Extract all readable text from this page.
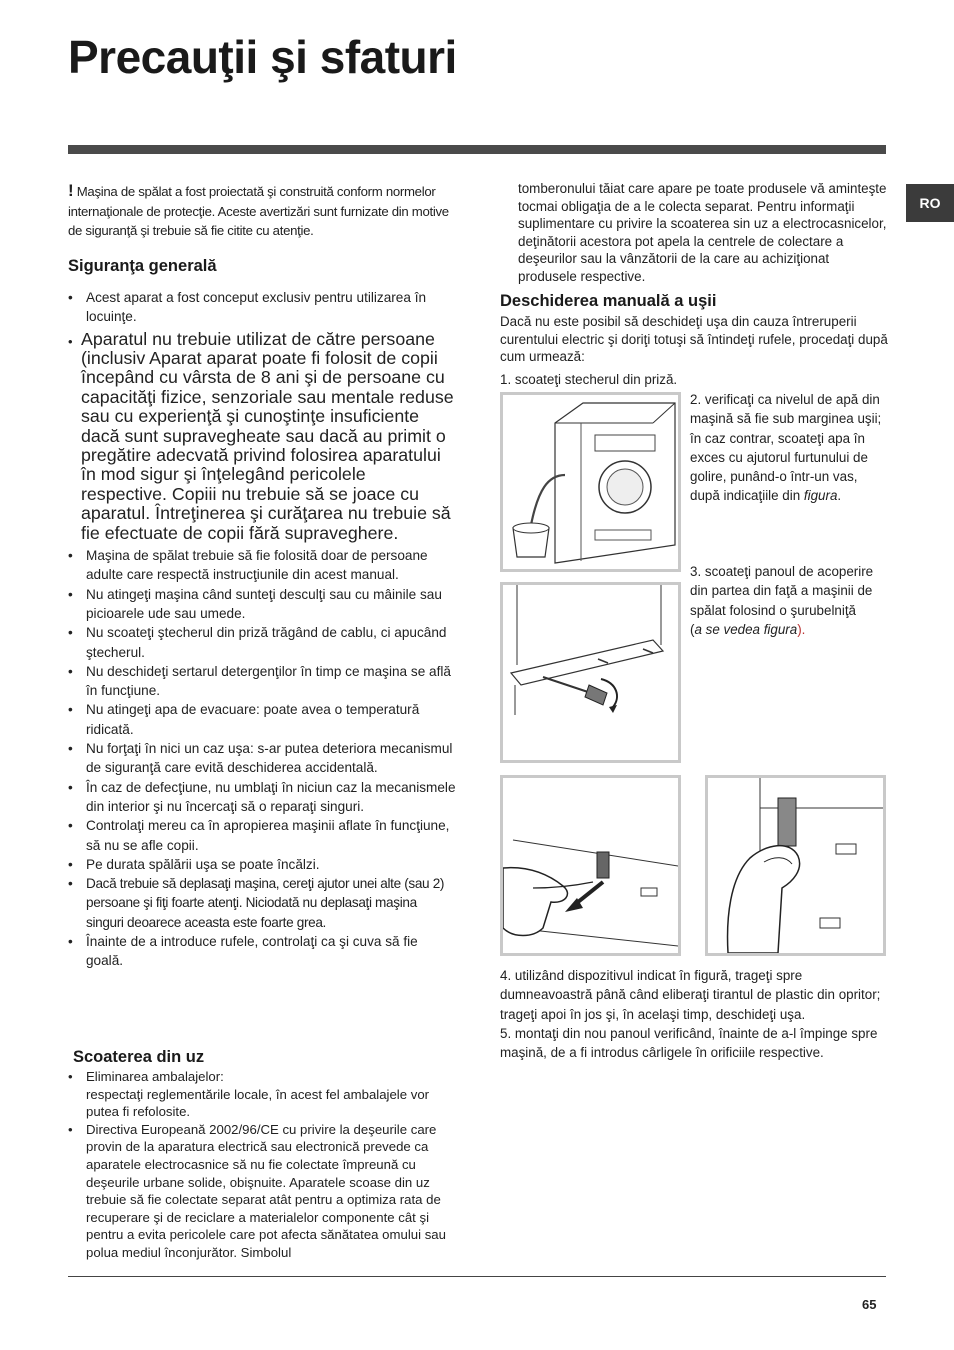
Precauţii şi sfaturi
RO
! Maşina de spălat a fost proiectată şi construită conform normelor internaţionale de protecţie. Aceste avertizări sunt furnizate din motive de siguranţă şi trebuie să fie citite cu atenţie.
Siguranţa generală
• Acest aparat a fost conceput exclusiv pentru utilizarea în locuinţe.
• Aparatul nu trebuie utilizat de către persoane (inclusiv Aparat aparat poate fi folosit de copii începând cu vârsta de 8 ani şi de persoane cu capacităţi fizice, senzoriale sau mentale reduse sau cu experienţă şi cunoştinţe insuficiente dacă sunt supravegheate sau dacă au primit o pregătire adecvată privind folosirea aparatului în mod sigur şi înţelegând pericolele respective. Copiii nu trebuie să se joace cu aparatul. Întreţinerea şi curăţarea nu trebuie să fie efectuate de copii fără supraveghere.
• Maşina de spălat trebuie să fie folosită doar de persoane adulte care respectă instrucţiunile din acest manual.
• Nu atingeţi maşina când sunteţi desculţi sau cu mâinile sau picioarele ude sau umede.
• Nu scoateţi ştecherul din priză trăgând de cablu, ci apucând ştecherul.
• Nu deschideţi sertarul detergenţilor în timp ce maşina se află în funcţiune.
• Nu atingeţi apa de evacuare: poate avea o temperatură ridicată.
• Nu forţaţi în nici un caz uşa: s-ar putea deteriora mecanismul de siguranţă care evită deschiderea accidentală.
• În caz de defecţiune, nu umblaţi în niciun caz la mecanismele din interior şi nu încercaţi să o reparaţi singuri.
• Controlaţi mereu ca în apropierea maşinii aflate în funcţiune, să nu se afle copii.
• Pe durata spălării uşa se poate încălzi.
• Dacă trebuie să deplasaţi maşina, cereţi ajutor unei alte (sau 2) persoane şi fiţi foarte atenţi. Niciodată nu deplasaţi maşina singuri deoarece aceasta este foarte grea.
• Înainte de a introduce rufele, controlaţi ca şi cuva să fie goală.
Scoaterea din uz
• Eliminarea ambalajelor:
respectaţi reglementările locale, în acest fel ambalajele vor putea fi refolosite.
• Directiva Europeană 2002/96/CE cu privire la deşeurile care provin de la aparatura electrică sau electronică prevede ca aparatele electrocasnice să nu fie colectate împreună cu deşeurile urbane solide, obişnuite. Aparatele scoase din uz trebuie să fie colectate separat atât pentru a optimiza rata de recuperare şi de reciclare a materialelor componente cât şi pentru a evita pericolele care pot afecta sănătatea omului sau polua mediul înconjurător. Simbolul
tomberonului tăiat care apare pe toate produsele vă aminteşte tocmai obligaţia de a le colecta separat. Pentru informaţii suplimentare cu privire la scoaterea sin uz a electrocasnicelor, deţinătorii acestora pot apela la centrele de colectare a deşeurilor sau la vânzătorii de la care au achiziţionat produsele respective.
Deschiderea manuală a uşii
Dacă nu este posibil să deschideţi uşa din cauza întreruperii curentului electric şi doriţi totuşi să întindeţi rufele, procedaţi după cum urmează:
1. scoateţi stecherul din priză.
2. verificaţi ca nivelul de apă din maşină să fie sub marginea uşii; în caz contrar, scoateţi apa în exces cu ajutorul furtunului de golire, punând-o într-un vas, după indicaţiile din figura.
3. scoateţi panoul de acoperire din partea din faţă a maşinii de spălat folosind o şurubelniţă
(a se vedea figura).
4. utilizând dispozitivul indicat în figură, trageţi spre dumneavoastră până când eliberaţi tirantul de plastic din opritor; trageţi apoi în jos şi, în acelaşi timp, deschideţi uşa.
5. montaţi din nou panoul verificând, înainte de a-l împinge spre maşină, de a fi introdus cârligele în orificiile respective.
65
